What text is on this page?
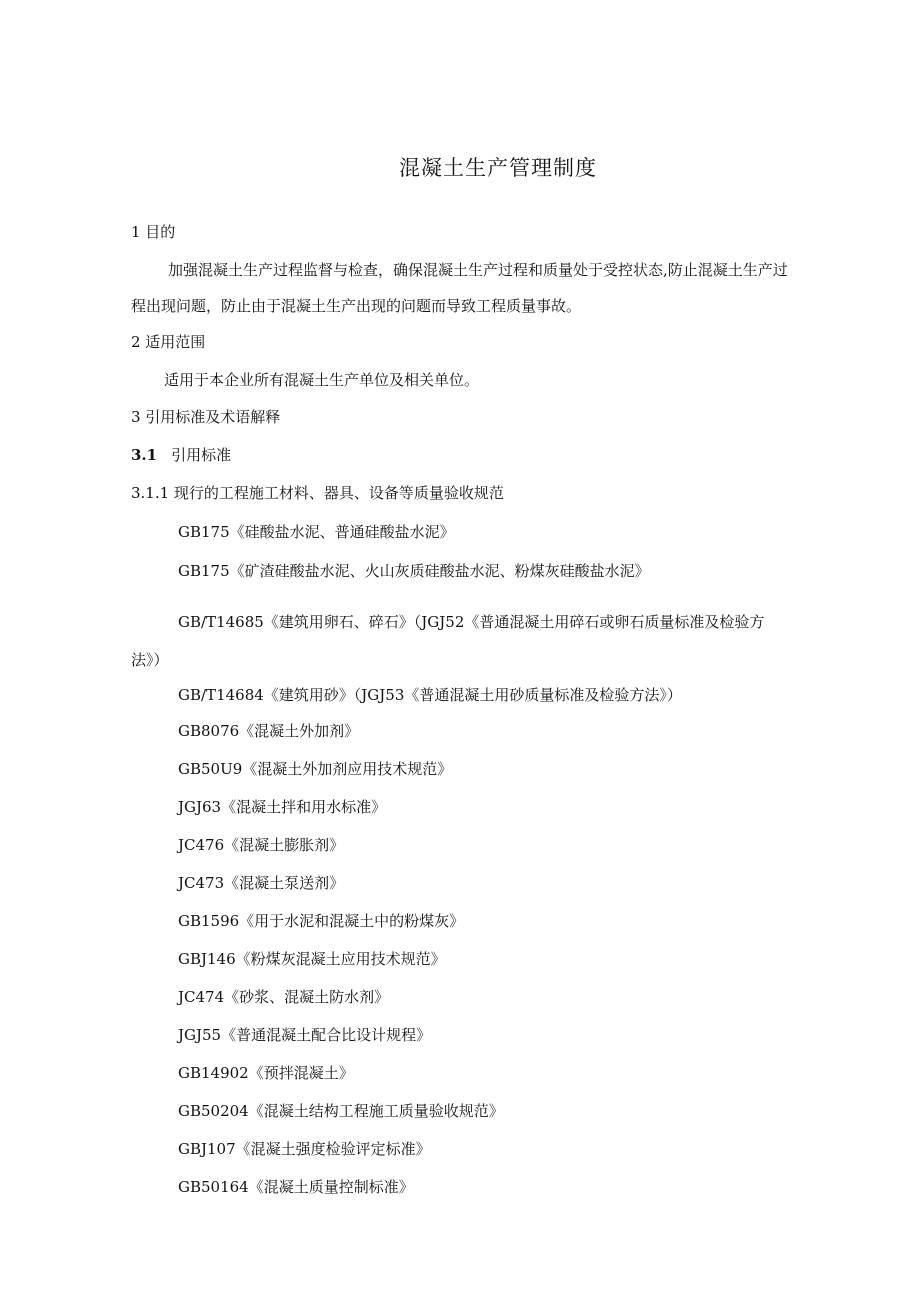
混凝土生产管理制度
1 目的
加强混凝土生产过程监督与检查，确保混凝土生产过程和质量处于受控状态,防止混凝土生产过
程出现问题，防止由于混凝土生产出现的问题而导致工程质量事故。
2 适用范围
适用于本企业所有混凝土生产单位及相关单位。
3 引用标准及术语解释
3.1 引用标准
3.1.1 现行的工程施工材料、器具、设备等质量验收规范
GB175《硅酸盐水泥、普通硅酸盐水泥》
GB175《矿渣硅酸盐水泥、火山灰质硅酸盐水泥、粉煤灰硅酸盐水泥》
GB/T14685《建筑用卵石、碎石》（JGJ52《普通混凝土用碎石或卵石质量标准及检验方
法》）
GB/T14684《建筑用砂》（JGJ53《普通混凝土用砂质量标准及检验方法》）
GB8076《混凝土外加剂》
GB50U9《混凝土外加剂应用技术规范》
JGJ63《混凝土拌和用水标准》
JC476《混凝土膨胀剂》
JC473《混凝土泵送剂》
GB1596《用于水泥和混凝土中的粉煤灰》
GBJ146《粉煤灰混凝土应用技术规范》
JC474《砂浆、混凝土防水剂》
JGJ55《普通混凝土配合比设计规程》
GB14902《预拌混凝土》
GB50204《混凝土结构工程施工质量验收规范》
GBJ107《混凝土强度检验评定标准》
GB50164《混凝土质量控制标准》
